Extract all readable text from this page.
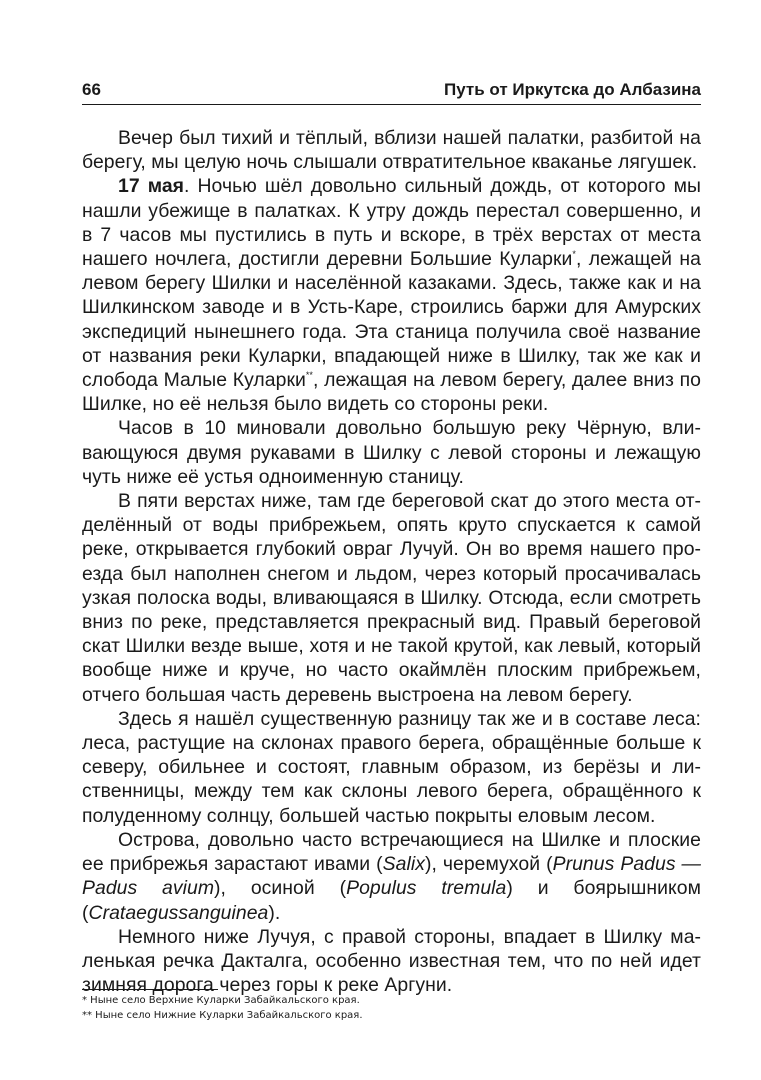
66	Путь от Иркутска до Албазина

Вечер был тихий и тёплый, вблизи нашей палатки, разбитой на берегу, мы целую ночь слышали отвратительное кваканье лягушек.

17 мая. Ночью шёл довольно сильный дождь, от которого мы нашли убежище в палатках. К утру дождь перестал совершенно, и в 7 часов мы пустились в путь и вскоре, в трёх верстах от места нашего ночлега, достигли деревни Большие Куларки*, лежащей на левом берегу Шилки и населённой казаками. Здесь, также как и на Шилкинском заводе и в Усть-Каре, строились баржи для Амурских экспедиций нынешнего года. Эта станица получила своё название от названия реки Куларки, впадающей ниже в Шилку, так же как и слобода Малые Куларки**, лежащая на левом берегу, далее вниз по Шилке, но её нельзя было видеть со стороны реки.

Часов в 10 миновали довольно большую реку Чёрную, вливающуюся двумя рукавами в Шилку с левой стороны и лежащую чуть ниже её устья одноименную станицу.

В пяти верстах ниже, там где береговой скат до этого места отделённый от воды прибрежьем, опять круто спускается к самой реке, открывается глубокий овраг Лучуй. Он во время нашего проезда был наполнен снегом и льдом, через который просачивалась узкая полоска воды, вливающаяся в Шилку. Отсюда, если смотреть вниз по реке, представляется прекрасный вид. Правый береговой скат Шилки везде выше, хотя и не такой крутой, как левый, который вообще ниже и круче, но часто окаймлён плоским прибрежьем, отчего большая часть деревень выстроена на левом берегу.

Здесь я нашёл существенную разницу так же и в составе леса: леса, растущие на склонах правого берега, обращённые больше к северу, обильнее и состоят, главным образом, из берёзы и лиственницы, между тем как склоны левого берега, обращённого к полуденному солнцу, большей частью покрыты еловым лесом.

Острова, довольно часто встречающиеся на Шилке и плоские ее прибрежья зарастают ивами (Salix), черемухой (Prunus Padus — Padus avium), осиной (Populus tremula) и боярышником (Crataegussanguinea).

Немного ниже Лучуя, с правой стороны, впадает в Шилку маленькая речка Дакталга, особенно известная тем, что по ней идет зимняя дорога через горы к реке Аргуни.

* Ныне село Верхние Куларки Забайкальского края.
** Ныне село Нижние Куларки Забайкальского края.
